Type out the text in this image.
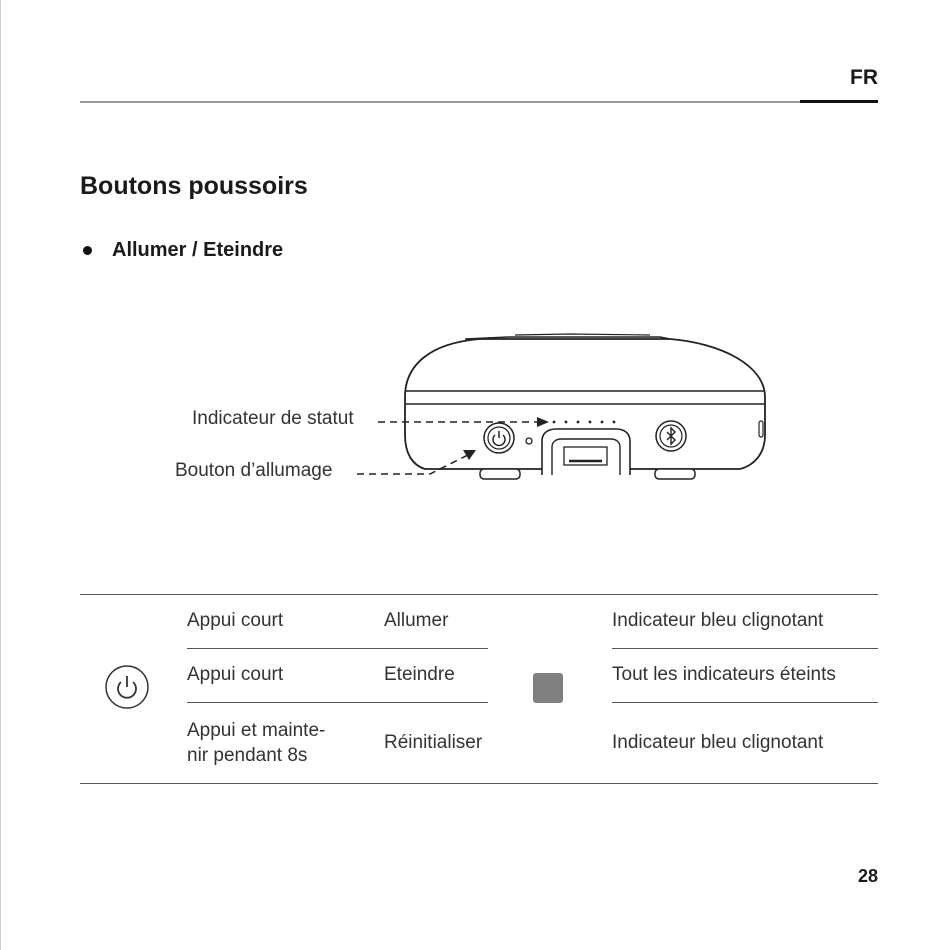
FR
Boutons poussoirs
Allumer / Eteindre
Indicateur de statut
Bouton d’allumage
Appui court	Allumer	Indicateur bleu clignotant
Appui court	Eteindre	Tout les indicateurs éteints
Appui et mainte-
nir pendant 8s
Réinitialiser	Indicateur bleu clignotant
28
